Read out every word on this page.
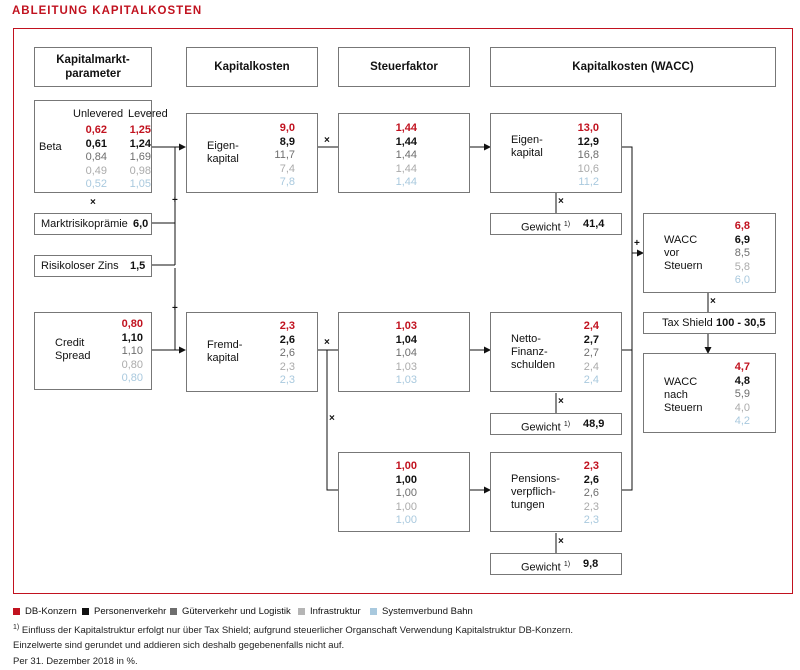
ABLEITUNG KAPITALKOSTEN
+
+
×
×
×
×
×
×
×
+
×
Kapitalmarkt-
parameter
Kapitalkosten	Steuerfaktor	Kapitalkosten (WACC)
Unlevered Levered
Beta
0,62
0,61
0,84
0,49
0,52
1,25
1,24
1,69
0,98
1,05
Marktrisikoprämie 6,0
Risikoloser Zins 1,5
Credit
Spread
0,80
1,10
1,10
0,80
0,80
Eigen-
kapital
9,0
8,9
11,7
7,4
7,8
Fremd-
kapital
2,3
2,6
2,6
2,3
2,3
1,44
1,44
1,44
1,44
1,44
1,03
1,04
1,04
1,03
1,03
1,00
1,00
1,00
1,00
1,00
Eigen-
kapital
13,0
12,9
16,8
10,6
11,2
Gewicht $^{1)}$ 41,4
Netto-
Finanz-
schulden
2,4
2,7
2,7
2,4
2,4
Gewicht $^{1)}$ 48,9
Pensions-
verpflich-
tungen
2,3
2,6
2,6
2,3
2,3
Gewicht $^{1)}$ 9,8
WACC
vor
Steuern
6,8
6,9
8,5
5,8
6,0
Tax Shield 100 - 30,5
WACC
nach
Steuern
4,7
4,8
5,9
4,0
4,2
DB-Konzern Personenverkehr Güterverkehr und Logistik Infrastruktur Systemverbund Bahn
$^{1)}$ Einfluss der Kapitalstruktur erfolgt nur über Tax Shield; aufgrund steuerlicher Organschaft Verwendung Kapitalstruktur DB-Konzern.
Einzelwerte sind gerundet und addieren sich deshalb gegebenenfalls nicht auf.
Per 31. Dezember 2018 in %.
